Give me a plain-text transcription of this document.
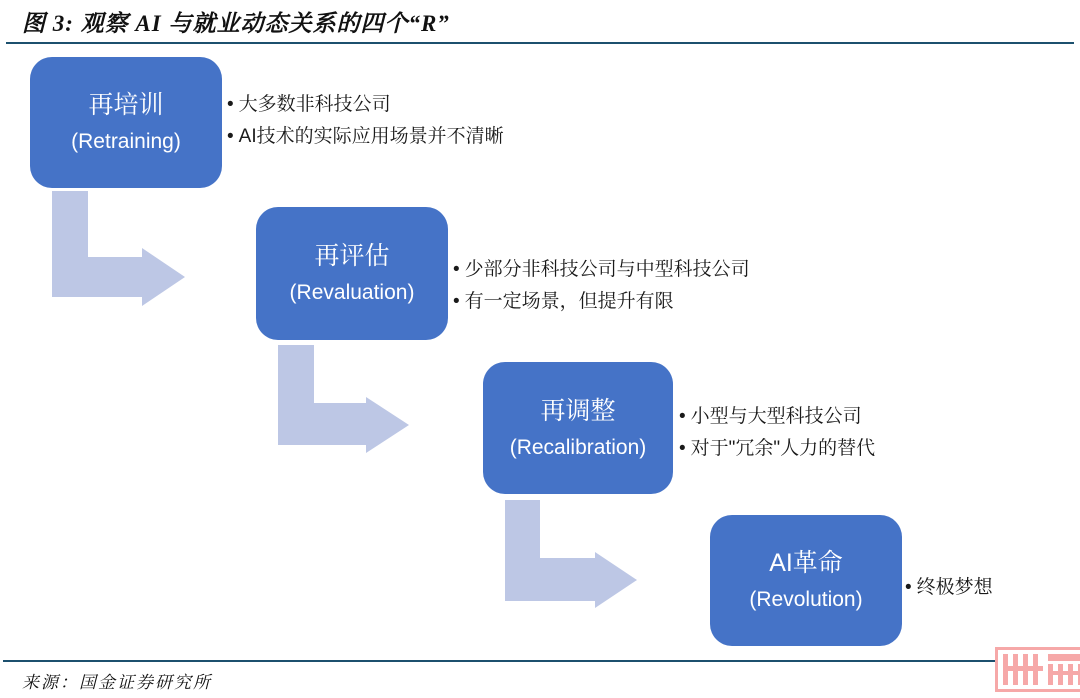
图 3: 观察 AI 与就业动态关系的四个“R”
再培训
(Retraining)
• 大多数非科技公司
• AI技术的实际应用场景并不清晰
再评估
(Revaluation)
• 少部分非科技公司与中型科技公司
• 有一定场景，但提升有限
再调整
(Recalibration)
• 小型与大型科技公司
• 对于"冗余"人力的替代
AI革命
(Revolution)
• 终极梦想
来源：国金证券研究所
